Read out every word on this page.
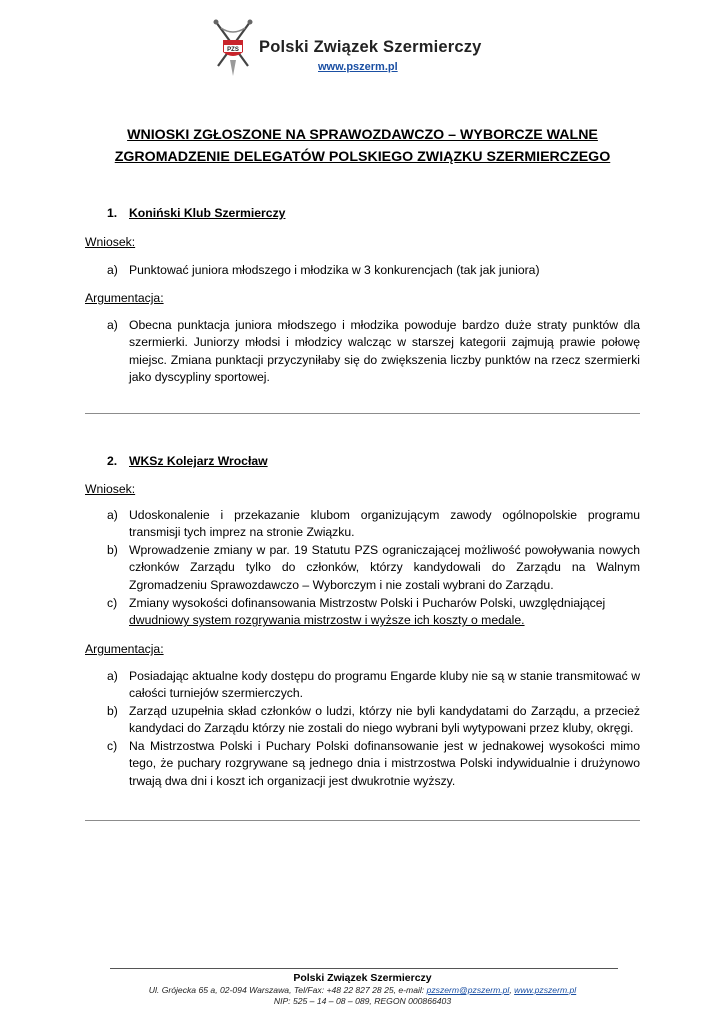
PZS Polski Związek Szermierczy
www.pszerm.pl
WNIOSKI ZGŁOSZONE NA SPRAWOZDAWCZO – WYBORCZE WALNE
ZGROMADZENIE DELEGATÓW POLSKIEGO ZWIĄZKU SZERMIERCZEGO
1. Koniński Klub Szermierczy
Wniosek:
a) Punktować juniora młodszego i młodzika w 3 konkurencjach (tak jak juniora)
Argumentacja:
a) Obecna punktacja juniora młodszego i młodzika powoduje bardzo duże straty punktów dla szermierki. Juniorzy młodsi i młodzicy walcząc w starszej kategorii zajmują prawie połowę miejsc. Zmiana punktacji przyczyniłaby się do zwiększenia liczby punktów na rzecz szermierki jako dyscypliny sportowej.
2. WKSz Kolejarz Wrocław
Wniosek:
a) Udoskonalenie i przekazanie klubom organizującym zawody ogólnopolskie programu transmisji tych imprez na stronie Związku.
b) Wprowadzenie zmiany w par. 19 Statutu PZS ograniczającej możliwość powoływania nowych członków Zarządu tylko do członków, którzy kandydowali do Zarządu na Walnym Zgromadzeniu Sprawozdawczo – Wyborczym i nie zostali wybrani do Zarządu.
c) Zmiany wysokości dofinansowania Mistrzostw Polski i Pucharów Polski, uwzględniającej
dwudniowy system rozgrywania mistrzostw i wyższe ich koszty o medale.
Argumentacja:
a) Posiadając aktualne kody dostępu do programu Engarde kluby nie są w stanie transmitować w całości turniejów szermierczych.
b) Zarząd uzupełnia skład członków o ludzi, którzy nie byli kandydatami do Zarządu, a przecież kandydaci do Zarządu którzy nie zostali do niego wybrani byli wytypowani przez kluby, okręgi.
c) Na Mistrzostwa Polski i Puchary Polski dofinansowanie jest w jednakowej wysokości mimo tego, że puchary rozgrywane są jednego dnia i mistrzostwa Polski indywidualnie i drużynowo trwają dwa dni i koszt ich organizacji jest dwukrotnie wyższy.
Polski Związek Szermierczy
Ul. Grójecka 65 a, 02-094 Warszawa, Tel/Fax: +48 22 827 28 25, e-mail: pzszerm@pzszerm.pl, www.pzszerm.pl
NIP: 525 – 14 – 08 – 089, REGON 000866403
